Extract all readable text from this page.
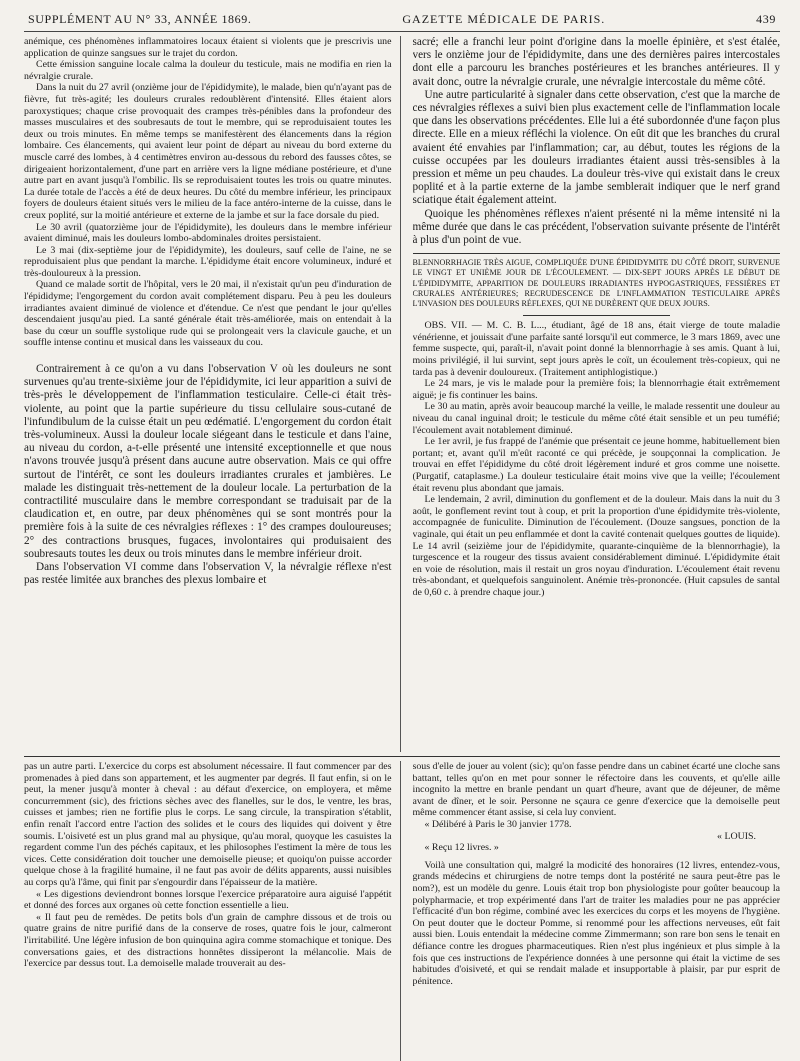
SUPPLÉMENT AU N° 33, ANNÉE 1869.	GAZETTE MÉDICALE DE PARIS.	439

anémique, ces phénomènes inflammatoires locaux étaient si violents que je prescrivis une application de quinze sangsues sur le trajet du cordon.

Cette émission sanguine locale calma la douleur du testicule, mais ne modifia en rien la névralgie crurale.

Dans la nuit du 27 avril (onzième jour de l'épididymite), le malade, bien qu'n'ayant pas de fièvre, fut très-agité; les douleurs crurales redoublèrent d'intensité. Elles étaient alors paroxystiques; chaque crise provoquait des crampes très-pénibles dans la profondeur des masses musculaires et des soubresauts de tout le membre, qui se reproduisaient toutes les deux ou trois minutes. En même temps se manifestèrent des élancements dans la région lombaire. Ces élancements, qui avaient leur point de départ au niveau du bord externe du muscle carré des lombes, à 4 centimètres environ au-dessous du rebord des fausses côtes, se dirigeaient horizontalement, d'une part en arrière vers la ligne médiane postérieure, et d'une autre part en avant jusqu'à l'ombilic. Ils se reproduisaient toutes les trois ou quatre minutes. La durée totale de l'accès a été de deux heures. Du côté du membre inférieur, les principaux foyers de douleurs étaient situés vers le milieu de la face antéro-interne de la cuisse, dans le creux poplité, sur la moitié antérieure et externe de la jambe et sur la face dorsale du pied.

Le 30 avril (quatorzième jour de l'épididymite), les douleurs dans le membre inférieur avaient diminué, mais les douleurs lombo-abdominales droites persistaient.

Le 3 mai (dix-septième jour de l'épididymite), les douleurs, sauf celle de l'aine, ne se reproduisaient plus que pendant la marche. L'épididyme était encore volumineux, induré et très-douloureux à la pression.

Quand ce malade sortit de l'hôpital, vers le 20 mai, il n'existait qu'un peu d'induration de l'épididyme; l'engorgement du cordon avait complétement disparu. Peu à peu les douleurs irradiantes avaient diminué de violence et d'étendue. Ce n'est que pendant le jour qu'elles descendaient jusqu'au pied. La santé générale était très-améliorée, mais on entendait à la base du cœur un souffle systolique rude qui se prolongeait vers la clavicule gauche, et un souffle intense continu et musical dans les vaisseaux du cou.

Contrairement à ce qu'on a vu dans l'observation V où les douleurs ne sont survenues qu'au trente-sixième jour de l'épididymite, ici leur apparition a suivi de très-près le développement de l'inflammation testiculaire. Celle-ci était très-violente, au point que la partie supérieure du tissu cellulaire sous-cutané de l'infundibulum de la cuisse était un peu œdématié. L'engorgement du cordon était très-volumineux. Aussi la douleur locale siégeant dans le testicule et dans l'aine, au niveau du cordon, a-t-elle présenté une intensité exceptionnelle et que nous n'avons trouvée jusqu'à présent dans aucune autre observation. Mais ce qui offre surtout de l'intérêt, ce sont les douleurs irradiantes crurales et jambières. Le malade les distinguait très-nettement de la douleur locale. La perturbation de la contractilité musculaire dans le membre correspondant se traduisait par de la claudication et, en outre, par deux phénomènes qui se sont montrés pour la première fois à la suite de ces névralgies réflexes : 1° des crampes douloureuses; 2° des contractions brusques, fugaces, involontaires qui produisaient des soubresauts toutes les deux ou trois minutes dans le membre inférieur droit.

Dans l'observation VI comme dans l'observation V, la névralgie réflexe n'est pas restée limitée aux branches des plexus lombaire et

sacré; elle a franchi leur point d'origine dans la moelle épinière, et s'est étalée, vers le onzième jour de l'épididymite, dans une des dernières paires intercostales dont elle a parcouru les branches postérieures et les branches antérieures. Il y avait donc, outre la névralgie crurale, une névralgie intercostale du même côté.

Une autre particularité à signaler dans cette observation, c'est que la marche de ces névralgies réflexes a suivi bien plus exactement celle de l'inflammation locale que dans les observations précédentes. Elle lui a été subordonnée d'une façon plus directe. Elle en a mieux réfléchi la violence. On eût dit que les branches du crural avaient été envahies par l'inflammation; car, au début, toutes les régions de la cuisse occupées par les douleurs irradiantes étaient aussi très-sensibles à la pression et même un peu chaudes. La douleur très-vive qui existait dans le creux poplité et à la partie externe de la jambe semblerait indiquer que le nerf grand sciatique était également atteint.

Quoique les phénomènes réflexes n'aient présenté ni la même intensité ni la même durée que dans le cas précédent, l'observation suivante présente de l'intérêt à plus d'un point de vue.

BLENNORRHAGIE TRÈS AIGUE, COMPLIQUÉE D'UNE ÉPIDIDYMITE DU CÔTÉ DROIT, SURVENUE LE VINGT ET UNIÈME JOUR DE L'ÉCOULEMENT. — DIX-SEPT JOURS APRÈS LE DÉBUT DE L'ÉPIDIDYMITE, APPARITION DE DOULEURS IRRADIANTES HYPOGASTRIQUES, FESSIÈRES ET CRURALES ANTÉRIEURES; RECRUDESCENCE DE L'INFLAMMATION TESTICULAIRE APRÈS L'INVASION DES DOULEURS RÉFLEXES, QUI NE DURÈRENT QUE DEUX JOURS.

OBS. VII. — M. C. B. L..., étudiant, âgé de 18 ans, était vierge de toute maladie vénérienne, et jouissait d'une parfaite santé lorsqu'il eut commerce, le 3 mars 1869, avec une femme suspecte, qui, paraît-il, n'avait point donné la blennorrhagie à ses amis. Quant à lui, moins privilégié, il lui survint, sept jours après le coït, un écoulement très-copieux, qui ne tarda pas à devenir douloureux. (Traitement antiphlogistique.)

Le 24 mars, je vis le malade pour la première fois; la blennorrhagie était extrêmement aiguë; je fis continuer les bains.

Le 30 au matin, après avoir beaucoup marché la veille, le malade ressentit une douleur au niveau du canal inguinal droit; le testicule du même côté était sensible et un peu tuméfié; l'écoulement avait notablement diminué.

Le 1er avril, je fus frappé de l'anémie que présentait ce jeune homme, habituellement bien portant; et, avant qu'il m'eût raconté ce qui précède, je soupçonnai la complication. Je trouvai en effet l'épididyme du côté droit légèrement induré et gros comme une noisette. (Purgatif, cataplasme.) La douleur testiculaire était moins vive que la veille; l'écoulement était revenu plus abondant que jamais.

Le lendemain, 2 avril, diminution du gonflement et de la douleur. Mais dans la nuit du 3 août, le gonflement revint tout à coup, et prit la proportion d'une épididymite très-violente, accompagnée de funiculite. Diminution de l'écoulement. (Douze sangsues, ponction de la vaginale, qui était un peu enflammée et dont la cavité contenait quelques gouttes de liquide). Le 14 avril (seizième jour de l'épididymite, quarante-cinquième de la blennorrhagie), la turgescence et la rougeur des tissus avaient considérablement diminué. L'épididymite était en voie de résolution, mais il restait un gros noyau d'induration. L'écoulement était revenu très-abondant, et quelquefois sanguinolent. Anémie très-prononcée. (Huit capsules de santal de 0,60 c. à prendre chaque jour.)

pas un autre parti. L'exercice du corps est absolument nécessaire. Il faut commencer par des promenades à pied dans son appartement, et les augmenter par degrés. Il faut enfin, si on le peut, la mener jusqu'à monter à cheval : au défaut d'exercice, on employera, et même concurremment (sic), des frictions sèches avec des flanelles, sur le dos, le ventre, les bras, cuisses et jambes; rien ne fortifie plus le corps. Le sang circule, la transpiration s'établit, enfin renaît l'accord entre l'action des solides et le cours des liquides qui doivent y être soumis. L'oisiveté est un plus grand mal au physique, qu'au moral, quoyque les casuistes la regardent comme l'un des péchés capitaux, et les philosophes l'estiment la mère de tous les vices. Cette considération doit toucher une demoiselle pieuse; et quoiqu'on puisse accorder quelque chose à la fragilité humaine, il ne faut pas avoir de délits apparents, aussi nuisibles au corps qu'à l'âme, qui finit par s'engourdir dans l'épaisseur de la matière.

« Les digestions deviendront bonnes lorsque l'exercice préparatoire aura aiguisé l'appétit et donné des forces aux organes où cette fonction essentielle a lieu.

« Il faut peu de remèdes. De petits bols d'un grain de camphre dissous et de trois ou quatre grains de nitre purifié dans de la conserve de roses, quatre fois le jour, calmeront l'irritabilité. Une légère infusion de bon quinquina agira comme stomachique et tonique. Des conversations gaies, et des distractions honnêtes dissiperont la mélancolie. Mais de l'exercice par dessus tout. La demoiselle malade trouverait au des-

sous d'elle de jouer au volent (sic); qu'on fasse pendre dans un cabinet écarté une cloche sans battant, telles qu'on en met pour sonner le réfectoire dans les couvents, et qu'elle aille incognito la mettre en branle pendant un quart d'heure, avant que de déjeuner, de même avant de dîner, et le soir. Personne ne sçaura ce genre d'exercice que la demoiselle peut même commencer étant assise, si cela luy convient.

« Délibéré à Paris le 30 janvier 1778.

« LOUIS.

« Reçu 12 livres. »

Voilà une consultation qui, malgré la modicité des honoraires (12 livres, entendez-vous, grands médecins et chirurgiens de notre temps dont la postérité ne saura peut-être pas le nom?), est un modèle du genre. Louis était trop bon physiologiste pour goûter beaucoup la polypharmacie, et trop expérimenté dans l'art de traiter les maladies pour ne pas apprécier l'efficacité d'un bon régime, combiné avec les exercices du corps et les moyens de l'hygiène. On peut douter que le docteur Pomme, si renommé pour les affections nerveuses, eût fait aussi bien. Louis entendait la médecine comme Zimmermann; son rare bon sens le tenait en défiance contre les drogues pharmaceutiques. Rien n'est plus ingénieux et plus simple à la fois que ces instructions de l'expérience données à une personne qui était la victime de ses habitudes d'oisiveté, et qui se rendait malade et insupportable à plaisir, par pur esprit de pénitence.
